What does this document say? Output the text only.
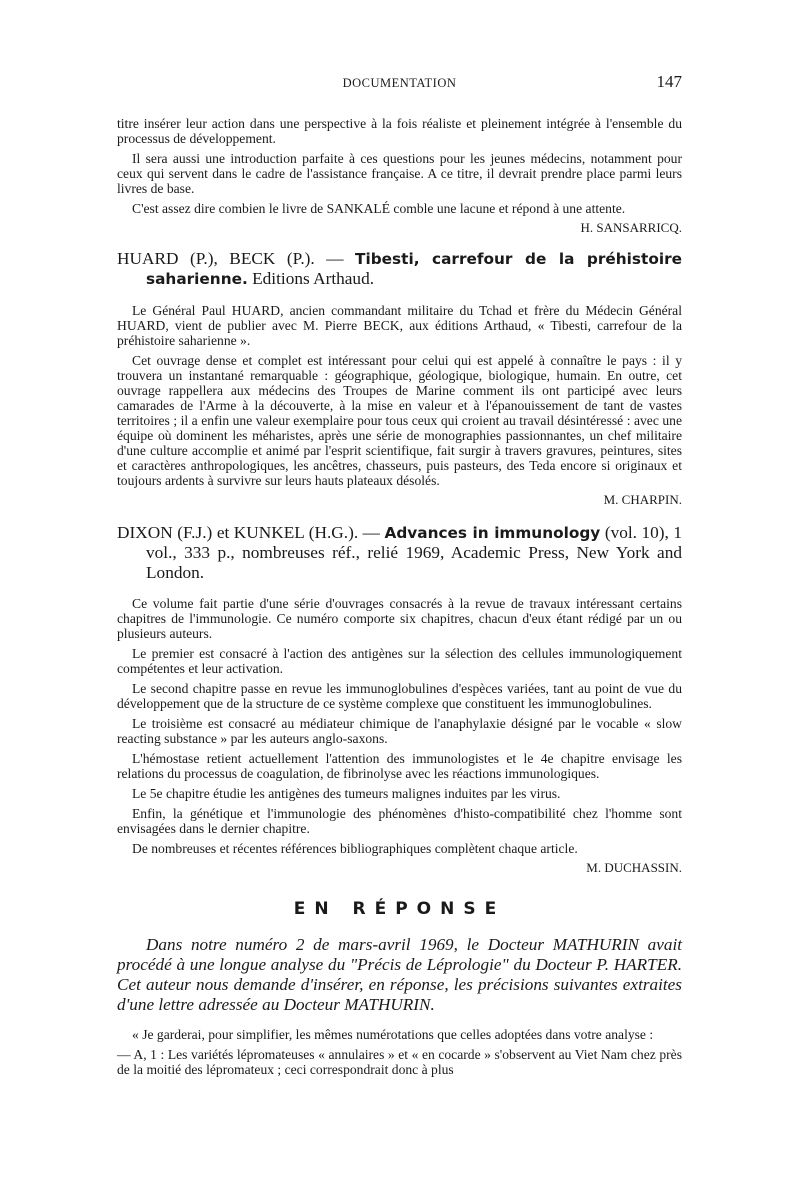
DOCUMENTATION	147

titre insérer leur action dans une perspective à la fois réaliste et pleinement intégrée à l'ensemble du processus de développement.

Il sera aussi une introduction parfaite à ces questions pour les jeunes médecins, notamment pour ceux qui servent dans le cadre de l'assistance française. A ce titre, il devrait prendre place parmi leurs livres de base.

C'est assez dire combien le livre de SANKALÉ comble une lacune et répond à une attente.

H. SANSARRICQ.

HUARD (P.), BECK (P.). — Tibesti, carrefour de la préhistoire saharienne. Editions Arthaud.

Le Général Paul HUARD, ancien commandant militaire du Tchad et frère du Médecin Général HUARD, vient de publier avec M. Pierre BECK, aux éditions Arthaud, « Tibesti, carrefour de la préhistoire saharienne ».

Cet ouvrage dense et complet est intéressant pour celui qui est appelé à connaître le pays : il y trouvera un instantané remarquable : géographique, géologique, biologique, humain. En outre, cet ouvrage rappellera aux médecins des Troupes de Marine comment ils ont participé avec leurs camarades de l'Arme à la découverte, à la mise en valeur et à l'épanouissement de tant de vastes territoires ; il a enfin une valeur exemplaire pour tous ceux qui croient au travail désintéressé : avec une équipe où dominent les méharistes, après une série de monographies passionnantes, un chef militaire d'une culture accomplie et animé par l'esprit scientifique, fait surgir à travers gravures, peintures, sites et caractères anthropologiques, les ancêtres, chasseurs, puis pasteurs, des Teda encore si originaux et toujours ardents à survivre sur leurs hauts plateaux désolés.

M. CHARPIN.

DIXON (F.J.) et KUNKEL (H.G.). — Advances in immunology (vol. 10), 1 vol., 333 p., nombreuses réf., relié 1969, Academic Press, New York and London.

Ce volume fait partie d'une série d'ouvrages consacrés à la revue de travaux intéressant certains chapitres de l'immunologie. Ce numéro comporte six chapitres, chacun d'eux étant rédigé par un ou plusieurs auteurs.

Le premier est consacré à l'action des antigènes sur la sélection des cellules immunologiquement compétentes et leur activation.

Le second chapitre passe en revue les immunoglobulines d'espèces variées, tant au point de vue du développement que de la structure de ce système complexe que constituent les immunoglobulines.

Le troisième est consacré au médiateur chimique de l'anaphylaxie désigné par le vocable « slow reacting substance » par les auteurs anglo-saxons.

L'hémostase retient actuellement l'attention des immunologistes et le 4e chapitre envisage les relations du processus de coagulation, de fibrinolyse avec les réactions immunologiques.

Le 5e chapitre étudie les antigènes des tumeurs malignes induites par les virus.

Enfin, la génétique et l'immunologie des phénomènes d'histo-compatibilité chez l'homme sont envisagées dans le dernier chapitre.

De nombreuses et récentes références bibliographiques complètent chaque article.

M. DUCHASSIN.
EN RÉPONSE

Dans notre numéro 2 de mars-avril 1969, le Docteur MATHURIN avait procédé à une longue analyse du "Précis de Léprologie" du Docteur P. HARTER. Cet auteur nous demande d'insérer, en réponse, les précisions suivantes extraites d'une lettre adressée au Docteur MATHURIN.

« Je garderai, pour simplifier, les mêmes numérotations que celles adoptées dans votre analyse :

— A, 1 : Les variétés lépromateuses « annulaires » et « en cocarde » s'observent au Viet Nam chez près de la moitié des lépromateux ; ceci correspondrait donc à plus
